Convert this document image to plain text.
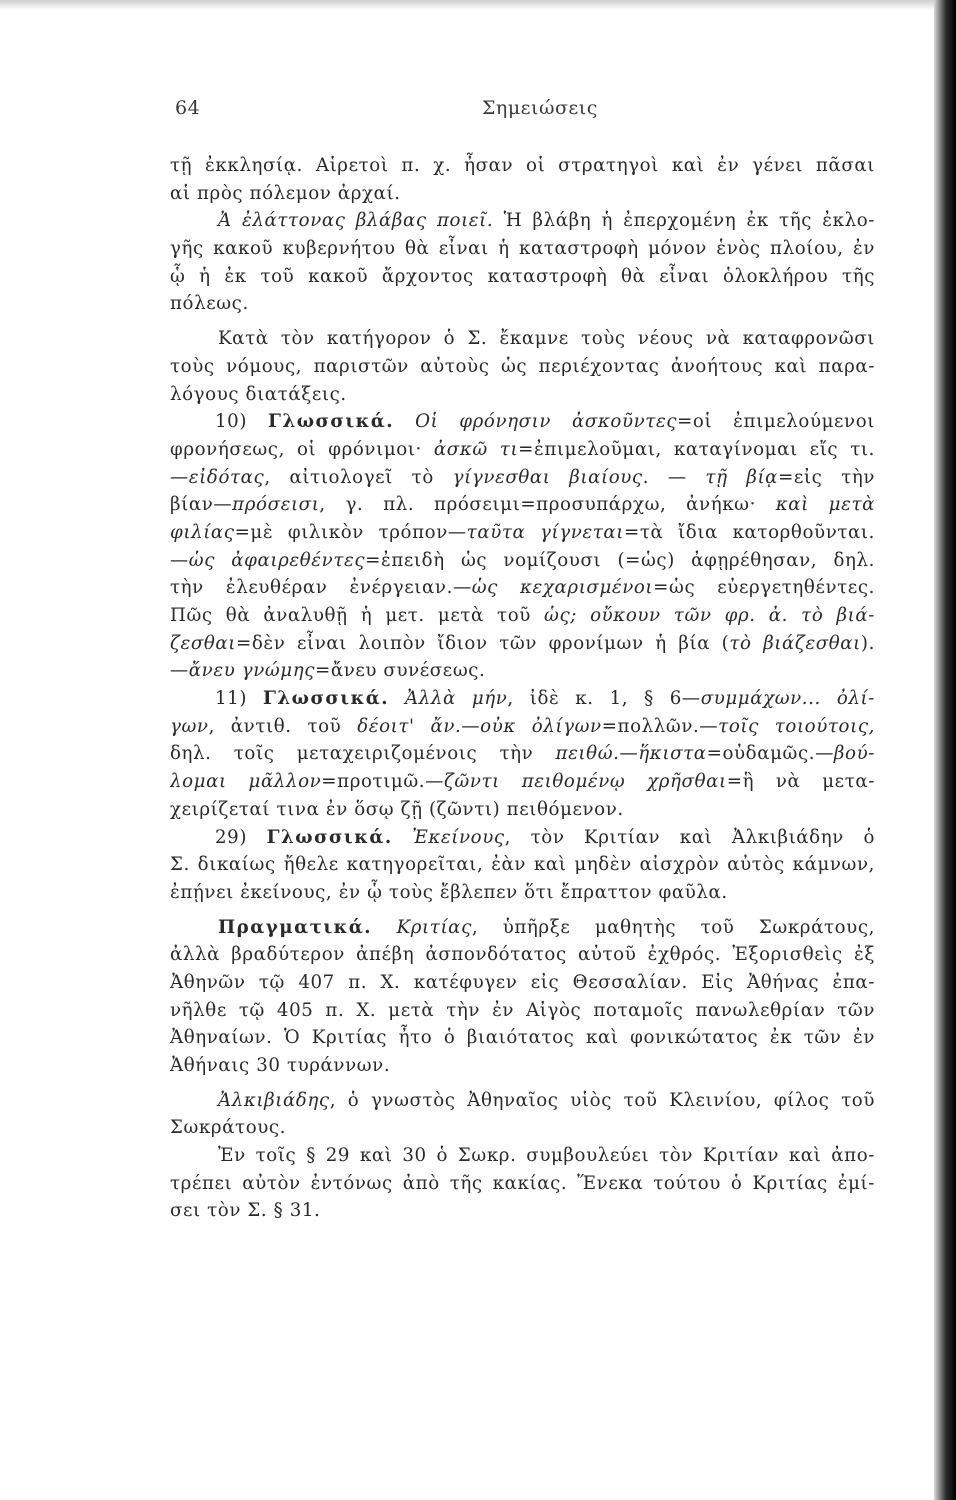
64	Σημειώσεις
τῇ ἐκκλησίᾳ. Αἱρετοὶ π. χ. ἦσαν οἱ στρατηγοὶ καὶ ἐν γένει πᾶσαι
αἱ πρὸς πόλεμον ἀρχαί.
Ἀ ἐλάττονας βλάβας ποιεῖ. Ἡ βλάβη ἡ ἐπερχομένη ἐκ τῆς ἐκλο-
γῆς κακοῦ κυβερνήτου θὰ εἶναι ἡ καταστροφὴ μόνον ἑνὸς πλοίου, ἐν
ᾧ ἡ ἐκ τοῦ κακοῦ ἄρχοντος καταστροφὴ θὰ εἶναι ὁλοκλήρου τῆς
πόλεως.
Κατὰ τὸν κατήγορον ὁ Σ. ἔκαμνε τοὺς νέους νὰ καταφρονῶσι
τοὺς νόμους, παριστῶν αὐτοὺς ὡς περιέχοντας ἀνοήτους καὶ παρα-
λόγους διατάξεις.
10) Γλωσσικά. Οἱ φρόνησιν ἀσκοῦντες=οἱ ἐπιμελούμενοι
φρονήσεως, οἱ φρόνιμοι· ἀσκῶ τι=ἐπιμελοῦμαι, καταγίνομαι εἴς τι.
—εἰδότας, αἰτιολογεῖ τὸ γίγνεσθαι βιαίους. — τῇ βίᾳ=εἰς τὴν
βίαν—πρόσεισι, γ. πλ. πρόσειμι=προσυπάρχω, ἀνήκω· καὶ μετὰ
φιλίας=μὲ φιλικὸν τρόπον—ταῦτα γίγνεται=τὰ ἴδια κατορθοῦνται.
—ὡς ἀφαιρεθέντες=ἐπειδὴ ὡς νομίζουσι (=ὡς) ἀφῃρέθησαν, δηλ.
τὴν ἐλευθέραν ἐνέργειαν.—ὡς κεχαρισμένοι=ὡς εὐεργετηθέντες.
Πῶς θὰ ἀναλυθῇ ἡ μετ. μετὰ τοῦ ὡς; οὔκουν τῶν φρ. ἀ. τὸ βιά-
ζεσθαι=δὲν εἶναι λοιπὸν ἴδιον τῶν φρονίμων ἡ βία (τὸ βιάζεσθαι).
—ἄνευ γνώμης=ἄνευ συνέσεως.
11) Γλωσσικά. Ἀλλὰ μήν, ἰδὲ κ. 1, § 6—συμμάχων... ὀλί-
γων, ἀντιθ. τοῦ δέοιτ' ἄν.—οὐκ ὀλίγων=πολλῶν.—τοῖς τοιούτοις,
δηλ. τοῖς μεταχειριζομένοις τὴν πειθώ.—ἥκιστα=οὐδαμῶς.—βού-
λομαι μᾶλλον=προτιμῶ.—ζῶντι πειθομένῳ χρῆσθαι=ἣ νὰ μετα-
χειρίζεταί τινα ἐν ὅσῳ ζῇ (ζῶντι) πειθόμενον.
29) Γλωσσικά. Ἐκείνους, τὸν Κριτίαν καὶ Ἀλκιβιάδην ὁ
Σ. δικαίως ἤθελε κατηγορεῖται, ἐὰν καὶ μηδὲν αἰσχρὸν αὐτὸς κάμνων,
ἐπῄνει ἐκείνους, ἐν ᾧ τοὺς ἔβλεπεν ὅτι ἔπραττον φαῦλα.
Πραγματικά. Κριτίας, ὑπῆρξε μαθητὴς τοῦ Σωκράτους,
ἀλλὰ βραδύτερον ἀπέβη ἀσπονδότατος αὐτοῦ ἐχθρός. Ἐξορισθεὶς ἐξ
Ἀθηνῶν τῷ 407 π. Χ. κατέφυγεν εἰς Θεσσαλίαν. Εἰς Ἀθήνας ἐπα-
νῆλθε τῷ 405 π. Χ. μετὰ τὴν ἐν Αἰγὸς ποταμοῖς πανωλεθρίαν τῶν
Ἀθηναίων. Ὁ Κριτίας ἦτο ὁ βιαιότατος καὶ φονικώτατος ἐκ τῶν ἐν
Ἀθήναις 30 τυράννων.
Ἀλκιβιάδης, ὁ γνωστὸς Ἀθηναῖος υἱὸς τοῦ Κλεινίου, φίλος τοῦ
Σωκράτους.
Ἐν τοῖς § 29 καὶ 30 ὁ Σωκρ. συμβουλεύει τὸν Κριτίαν καὶ ἀπο-
τρέπει αὐτὸν ἐντόνως ἀπὸ τῆς κακίας. Ἕνεκα τούτου ὁ Κριτίας ἐμί-
σει τὸν Σ. § 31.
